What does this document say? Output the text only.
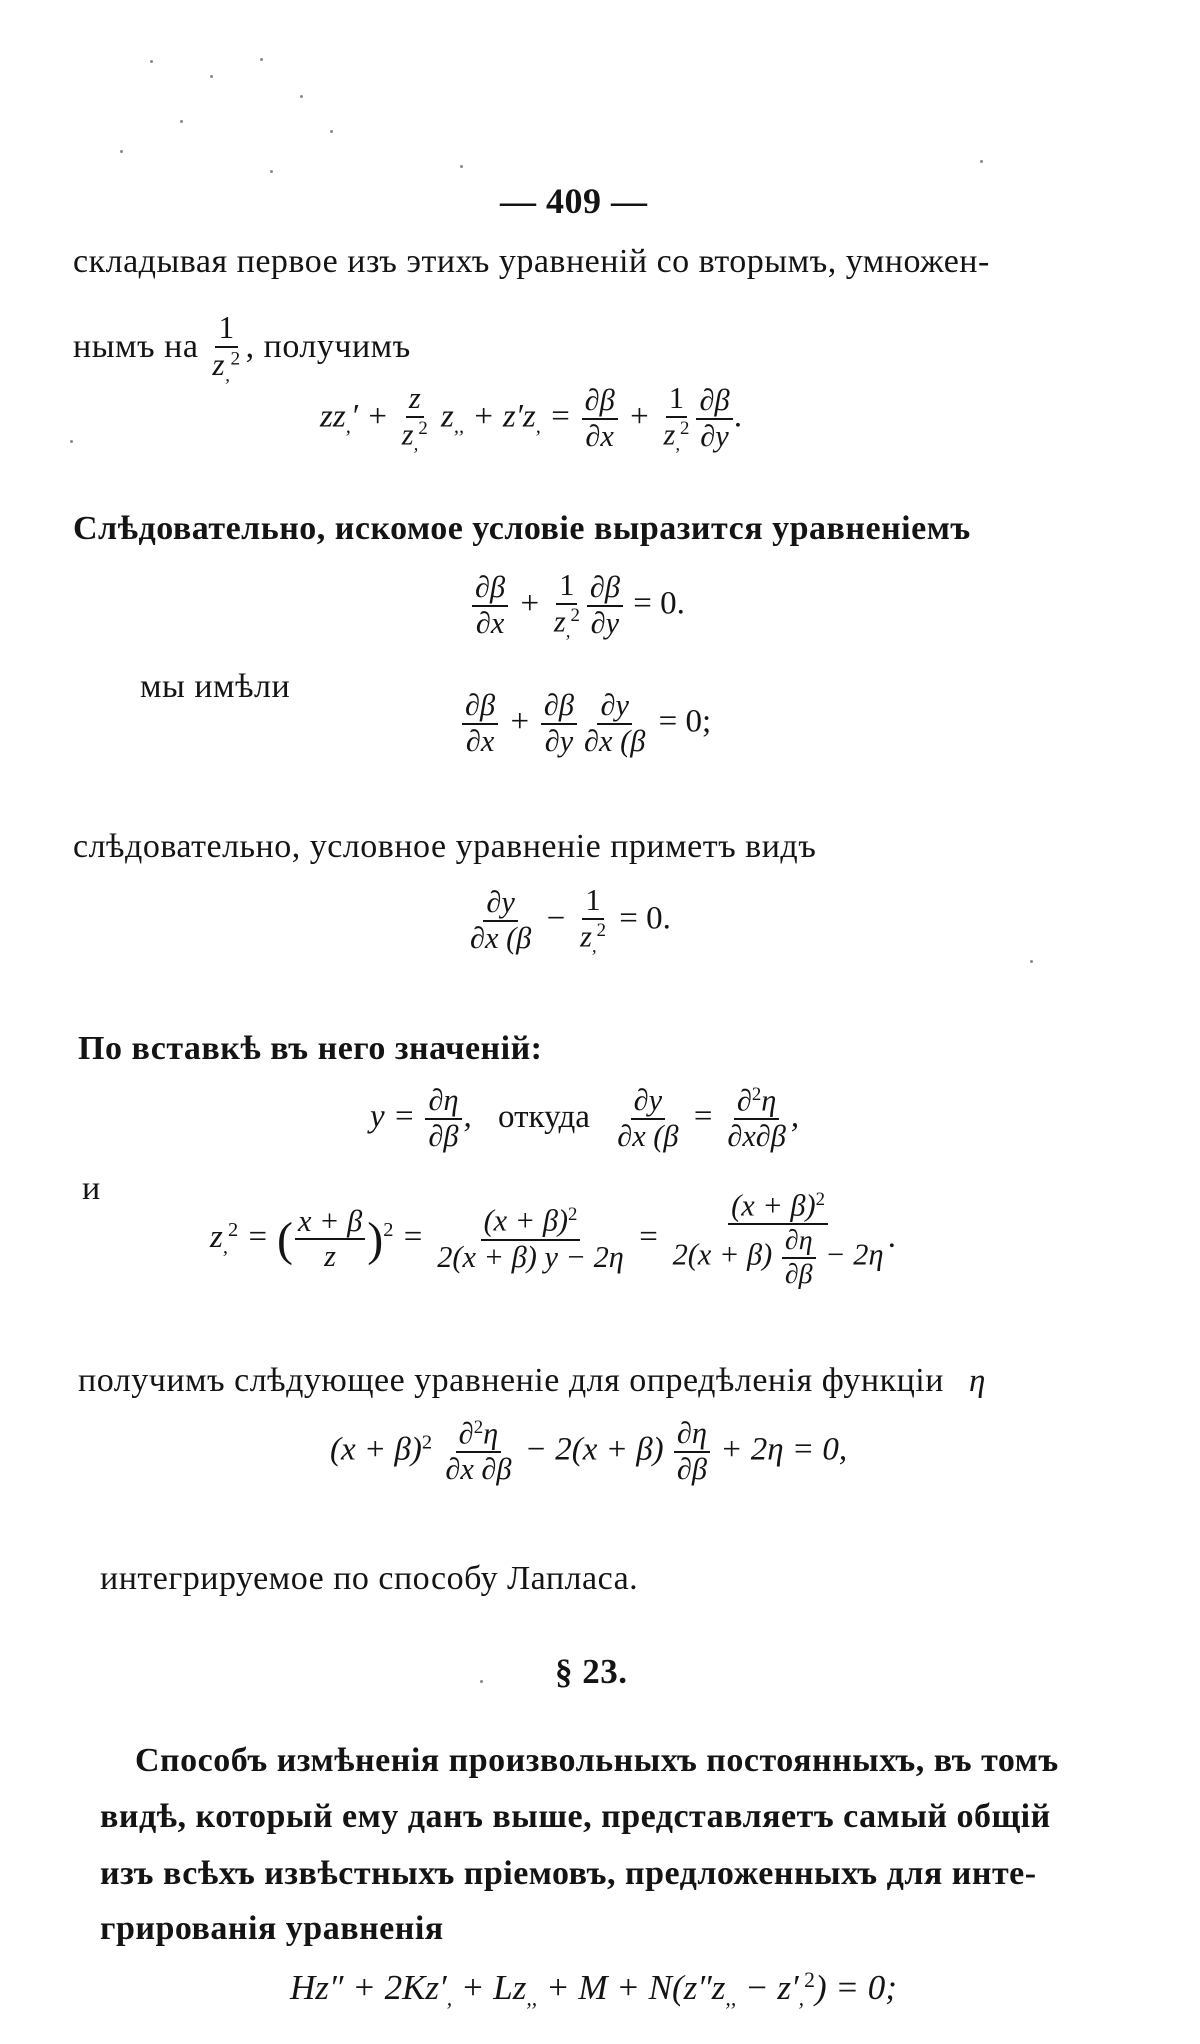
— 409 —
складывая первое изъ этихъ уравненій со вторымъ, умножен-
нымъ на $\frac{1}{z_,^2}$ , получимъ
$zz_,' + \frac{z}{z_,^2} z_{,,} + z'z_, = \frac{\partial\beta}{\partial x} + \frac{1}{z_,^2} \frac{\partial\beta}{\partial y}$ .
Слѣдовательно, искомое условіе выразится уравненіемъ
$\frac{\partial\beta}{\partial x} + \frac{1}{z_,^2} \frac{\partial\beta}{\partial y} = 0$.
мы имѣли
$\frac{\partial\beta}{\partial x} + \frac{\partial\beta}{\partial y} \frac{\partial y}{\partial x (\beta} = 0$;
слѣдовательно, условное уравненіе приметъ видъ
$\frac{\partial y}{\partial x (\beta} - \frac{1}{z_,^2} = 0$.
По вставкѣ въ него значеній:
$y = \frac{\partial\eta}{\partial\beta}$ , откуда $\frac{\partial y}{\partial x (\beta} = \frac{\partial^2\eta}{\partial x\partial\beta}$ ,
и
$z_,^2$ = ( $\frac{x + \beta}{z} )^2 = \frac{(x + \beta)^2}{2(x + \beta) y - 2\eta} = \frac{(x + \beta)^2}{2(x + \beta) \frac{\partial\eta}{\partial\beta} - 2\eta}$ .
получимъ слѣдующее уравненіе для опредѣленія функціи η
$(x + \beta)^2 \frac{\partial^2\eta}{\partial x \partial\beta} - 2(x + \beta) \frac{\partial\eta}{\partial\beta} + 2\eta = 0$,
интегрируемое по способу Лапласа.
§ 23.
Способъ измѣненія произвольныхъ постоянныхъ, въ томъ
видѣ, который ему данъ выше, представляетъ самый общій
изъ всѣхъ извѣстныхъ пріемовъ, предложенныхъ для инте-
грированія уравненія
$Hz'' + 2Kz'_, + Lz_{,,} + M + N(z''z_{,,} - z'_,^2) = 0$;
